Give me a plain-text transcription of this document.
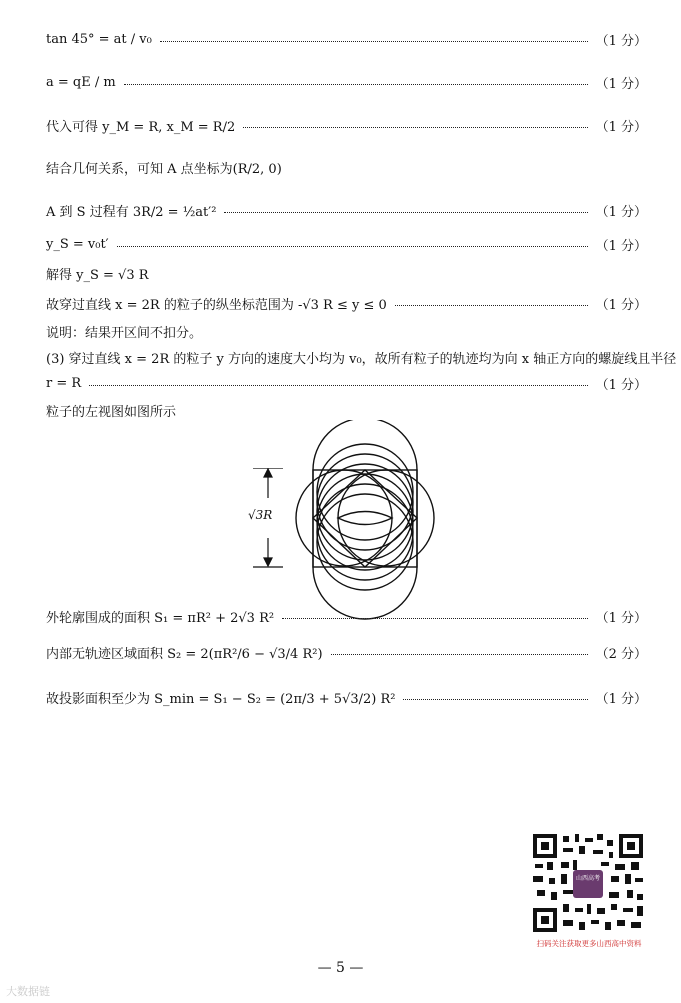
tan 45° = at / v₀	（1 分）
a = qE / m	（1 分）
代入可得 y_M = R, x_M = R/2	（1 分）
结合几何关系，可知 A 点坐标为(R/2, 0)
A 到 S 过程有 3R/2 = ½at′²	（1 分）
y_S = v₀t′	（1 分）
解得 y_S = √3 R
故穿过直线 x = 2R 的粒子的纵坐标范围为 -√3 R ≤ y ≤ 0	（1 分）
说明：结果开区间不扣分。
(3) 穿过直线 x = 2R 的粒子 y 方向的速度大小均为 v₀，故所有粒子的轨迹均为向 x 轴正方向的螺旋线且半径
r = R	（1 分）
粒子的左视图如图所示
√3R
外轮廓围成的面积 S₁ = πR² + 2√3 R²	（1 分）
内部无轨迹区域面积 S₂ = 2(πR²/6 − √3/4 R²)	（2 分）
故投影面积至少为 S_min = S₁ − S₂ = (2π/3 + 5√3/2) R²	（1 分）
山西高考
扫码关注获取更多山西高中资料
— 5 —
大数据链
